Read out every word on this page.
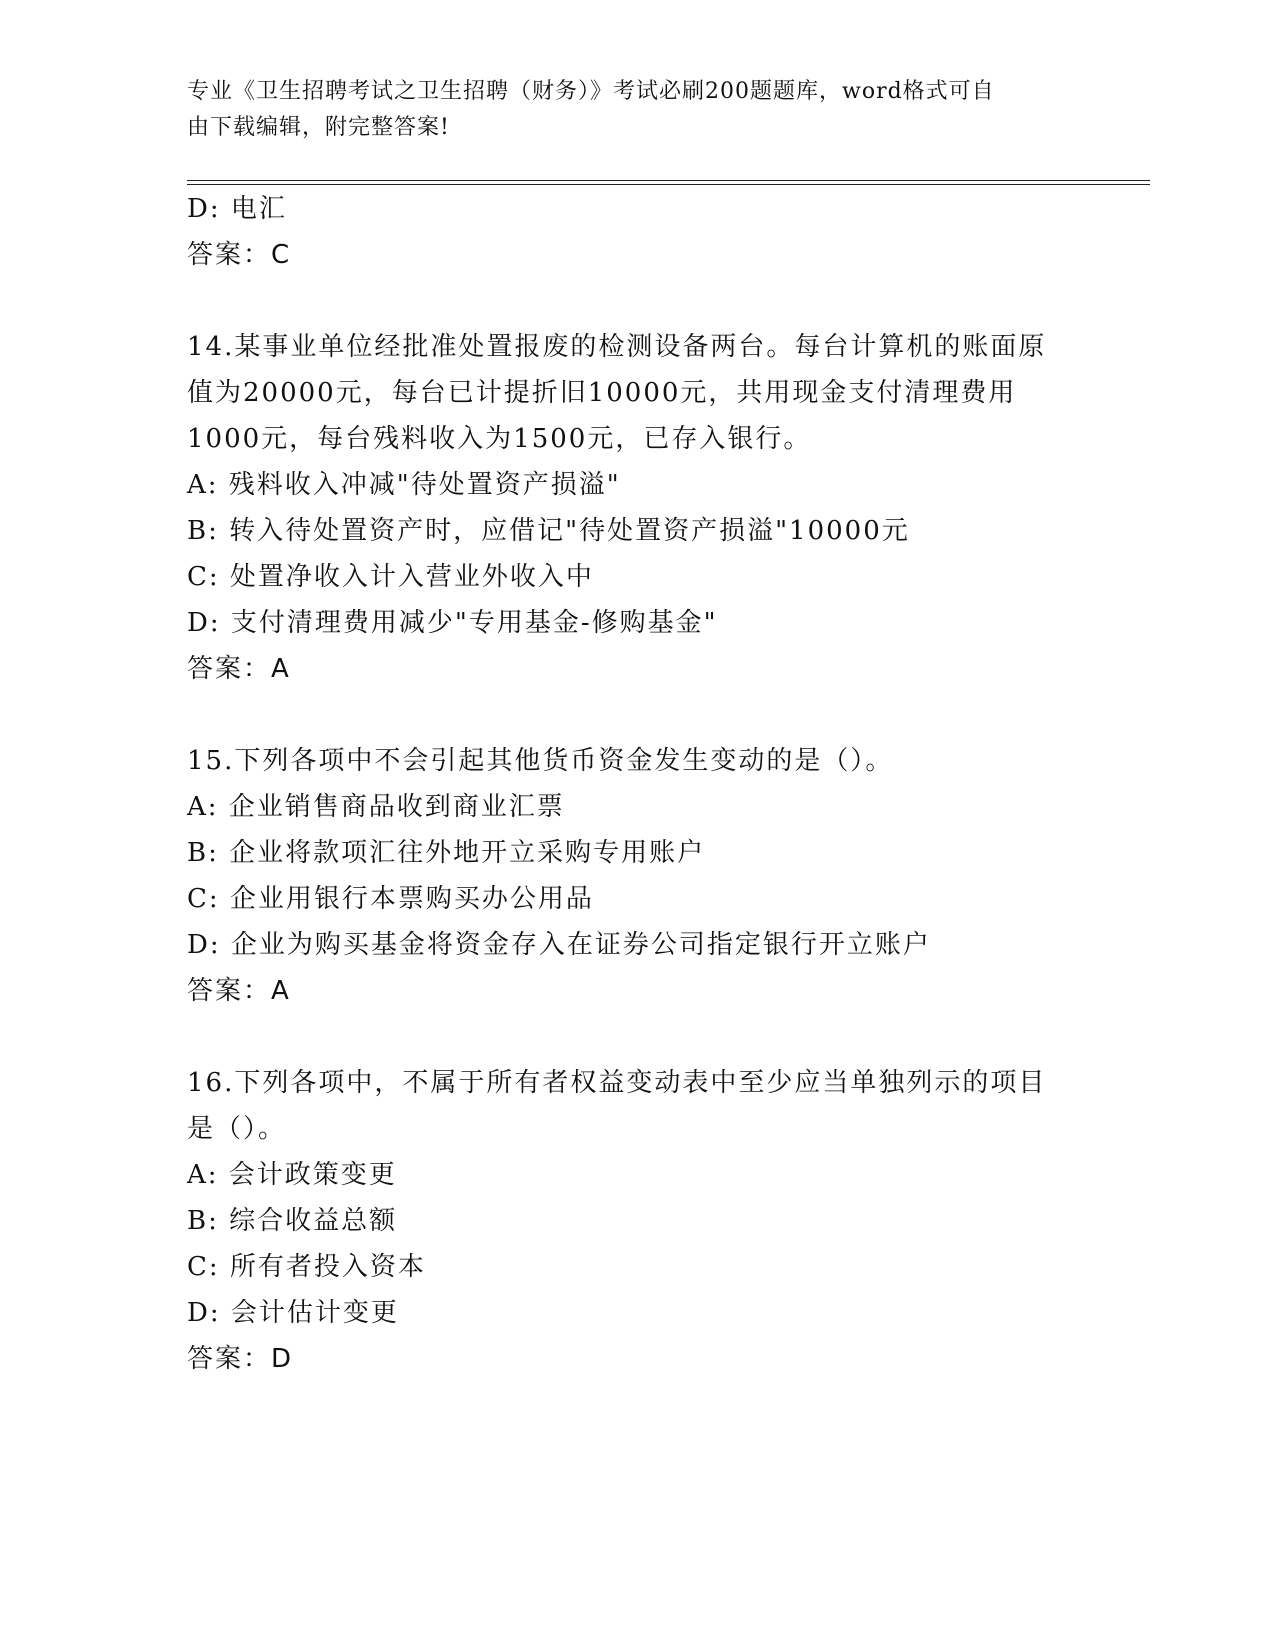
专业《卫生招聘考试之卫生招聘（财务）》考试必刷200题题库，word格式可自
由下载编辑，附完整答案!
D: 电汇
答案：C
14.某事业单位经批准处置报废的检测设备两台。每台计算机的账面原
值为20000元，每台已计提折旧10000元，共用现金支付清理费用
1000元，每台残料收入为1500元，已存入银行。
A: 残料收入冲减"待处置资产损溢"
B: 转入待处置资产时，应借记"待处置资产损溢"10000元
C: 处置净收入计入营业外收入中
D: 支付清理费用减少"专用基金-修购基金"
答案：A
15.下列各项中不会引起其他货币资金发生变动的是（）。
A: 企业销售商品收到商业汇票
B: 企业将款项汇往外地开立采购专用账户
C: 企业用银行本票购买办公用品
D: 企业为购买基金将资金存入在证券公司指定银行开立账户
答案：A
16.下列各项中，不属于所有者权益变动表中至少应当单独列示的项目
是（）。
A: 会计政策变更
B: 综合收益总额
C: 所有者投入资本
D: 会计估计变更
答案：D
